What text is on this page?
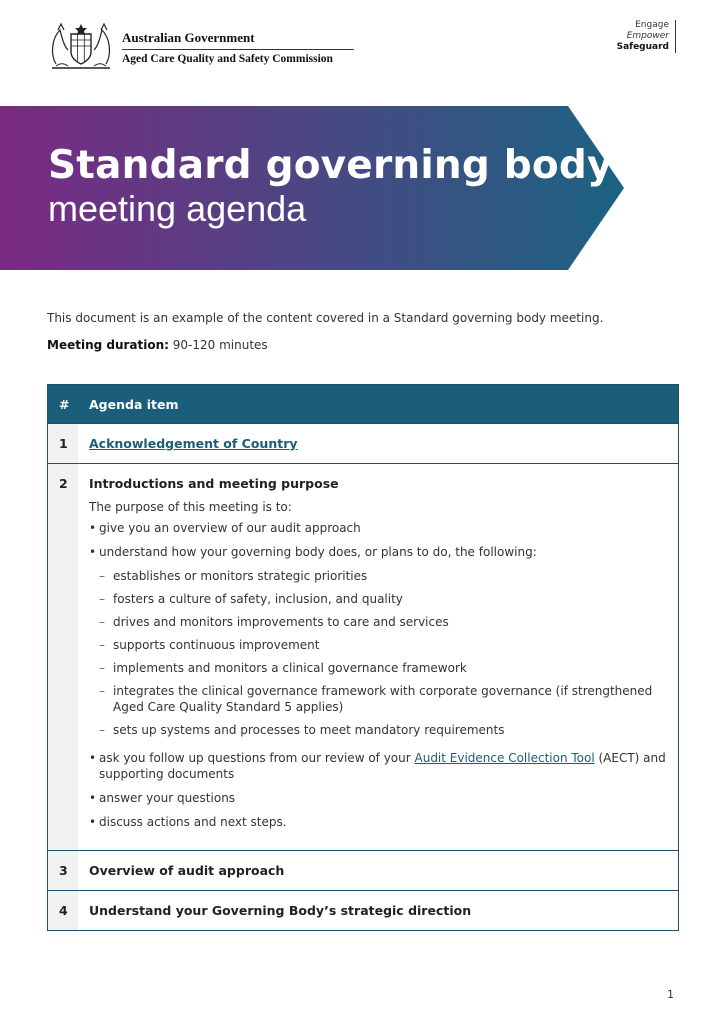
Australian Government
Aged Care Quality and Safety Commission
Engage
Empower
Safeguard
Standard governing body
meeting agenda
This document is an example of the content covered in a Standard governing body meeting.
Meeting duration: 90-120 minutes
#	Agenda item
1	Acknowledgement of Country
2	Introductions and meeting purpose
The purpose of this meeting is to:
• give you an overview of our audit approach
• understand how your governing body does, or plans to do, the following:
– establishes or monitors strategic priorities
– fosters a culture of safety, inclusion, and quality
– drives and monitors improvements to care and services
– supports continuous improvement
– implements and monitors a clinical governance framework
– integrates the clinical governance framework with corporate governance (if strengthened Aged Care Quality Standard 5 applies)
– sets up systems and processes to meet mandatory requirements
• ask you follow up questions from our review of your Audit Evidence Collection Tool (AECT) and supporting documents
• answer your questions
• discuss actions and next steps.
3	Overview of audit approach
4	Understand your Governing Body’s strategic direction
1
